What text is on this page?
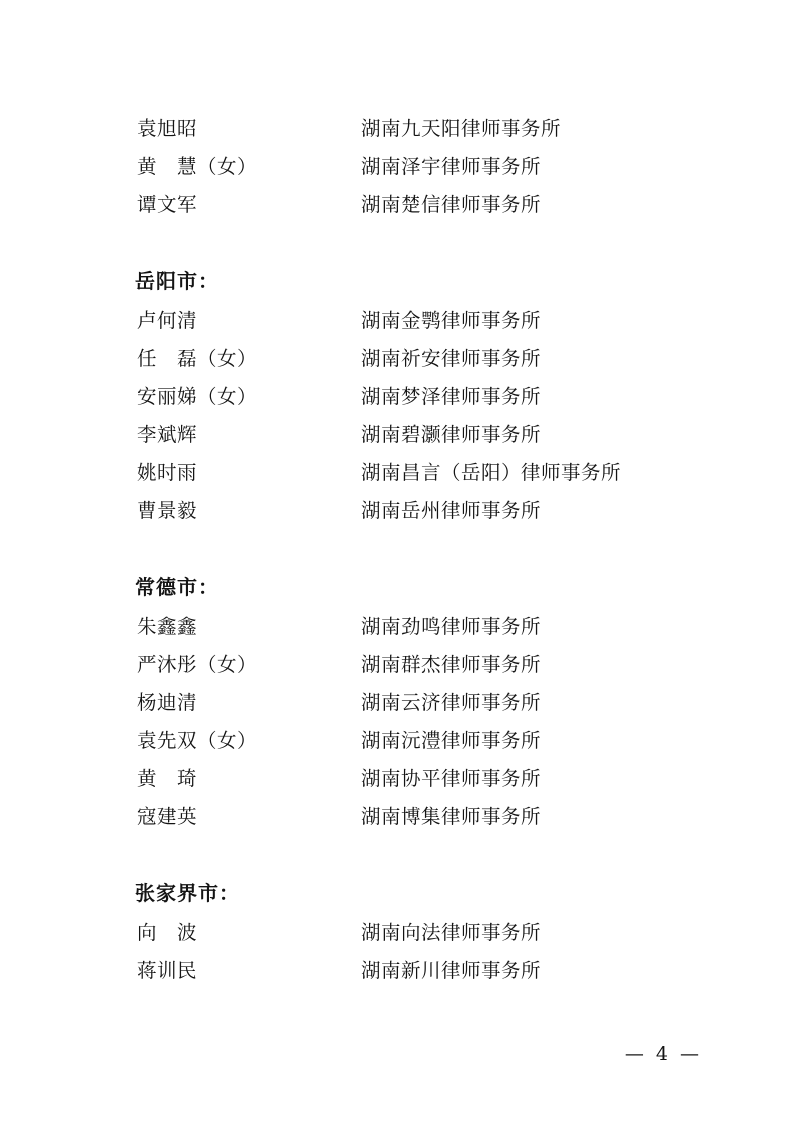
袁旭昭	湖南九天阳律师事务所
黄　慧（女）	湖南泽宇律师事务所
谭文军	湖南楚信律师事务所
岳阳市：
卢何清	湖南金鹗律师事务所
任　磊（女）	湖南祈安律师事务所
安丽娣（女）	湖南梦泽律师事务所
李斌辉	湖南碧灏律师事务所
姚时雨	湖南昌言（岳阳）律师事务所
曹景毅	湖南岳州律师事务所
常德市：
朱鑫鑫	湖南劲鸣律师事务所
严沐彤（女）	湖南群杰律师事务所
杨迪清	湖南云济律师事务所
袁先双（女）	湖南沅澧律师事务所
黄　琦	湖南协平律师事务所
寇建英	湖南博集律师事务所
张家界市：
向　波	湖南向法律师事务所
蒋训民	湖南新川律师事务所
— 4 —
